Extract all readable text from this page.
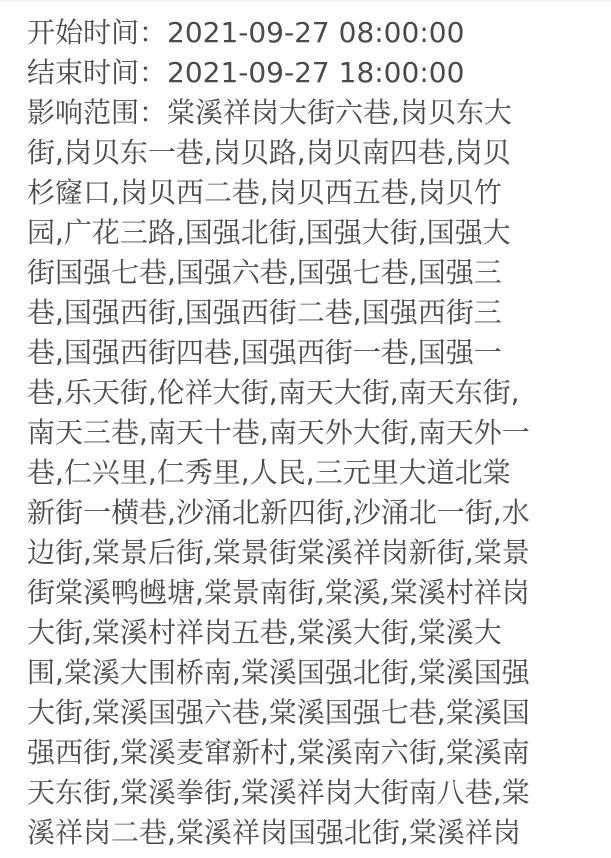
开始时间：2021-09-27 08:00:00
结束时间：2021-09-27 18:00:00
影响范围：棠溪祥岗大街六巷,岗贝东大
街,岗贝东一巷,岗贝路,岗贝南四巷,岗贝
杉窿口,岗贝西二巷,岗贝西五巷,岗贝竹
园,广花三路,国强北街,国强大街,国强大
街国强七巷,国强六巷,国强七巷,国强三
巷,国强西街,国强西街二巷,国强西街三
巷,国强西街四巷,国强西街一巷,国强一
巷,乐天街,伦祥大街,南天大街,南天东街,
南天三巷,南天十巷,南天外大街,南天外一
巷,仁兴里,仁秀里,人民,三元里大道北棠
新街一横巷,沙涌北新四街,沙涌北一街,水
边街,棠景后街,棠景街棠溪祥岗新街,棠景
街棠溪鸭乸塘,棠景南街,棠溪,棠溪村祥岗
大街,棠溪村祥岗五巷,棠溪大街,棠溪大
围,棠溪大围桥南,棠溪国强北街,棠溪国强
大街,棠溪国强六巷,棠溪国强七巷,棠溪国
强西街,棠溪麦窜新村,棠溪南六街,棠溪南
天东街,棠溪拳街,棠溪祥岗大街南八巷,棠
溪祥岗二巷,棠溪祥岗国强北街,棠溪祥岗
